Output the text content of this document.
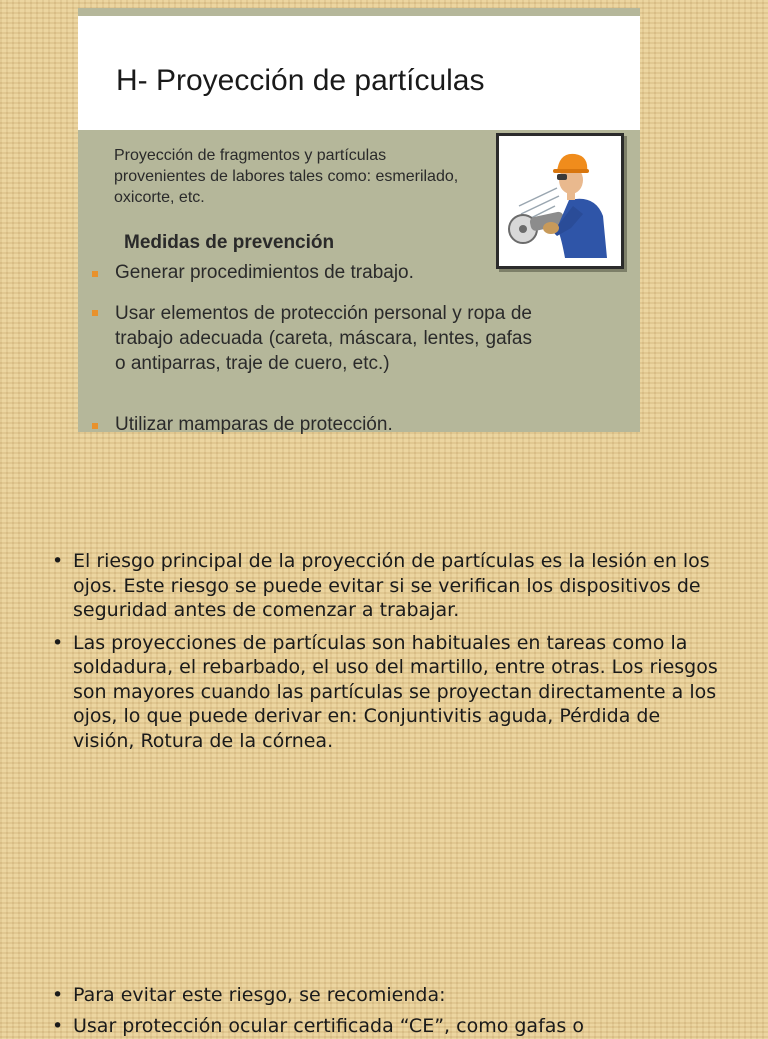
H- Proyección de partículas
Proyección de fragmentos y partículas
provenientes de labores tales como: esmerilado,
oxicorte, etc.
Medidas de prevención
Generar procedimientos de trabajo.
Usar elementos de protección personal y ropa de trabajo adecuada (careta, máscara, lentes, gafas o antiparras, traje de cuero, etc.)
Utilizar mamparas de protección.
• El riesgo principal de la proyección de partículas es la lesión en los ojos. Este riesgo se puede evitar si se verifican los dispositivos de seguridad antes de comenzar a trabajar.
• Las proyecciones de partículas son habituales en tareas como la soldadura, el rebarbado, el uso del martillo, entre otras. Los riesgos son mayores cuando las partículas se proyectan directamente a los ojos, lo que puede derivar en: Conjuntivitis aguda, Pérdida de visión, Rotura de la córnea.
• Para evitar este riesgo, se recomienda:
• Usar protección ocular certificada “CE”, como gafas o
